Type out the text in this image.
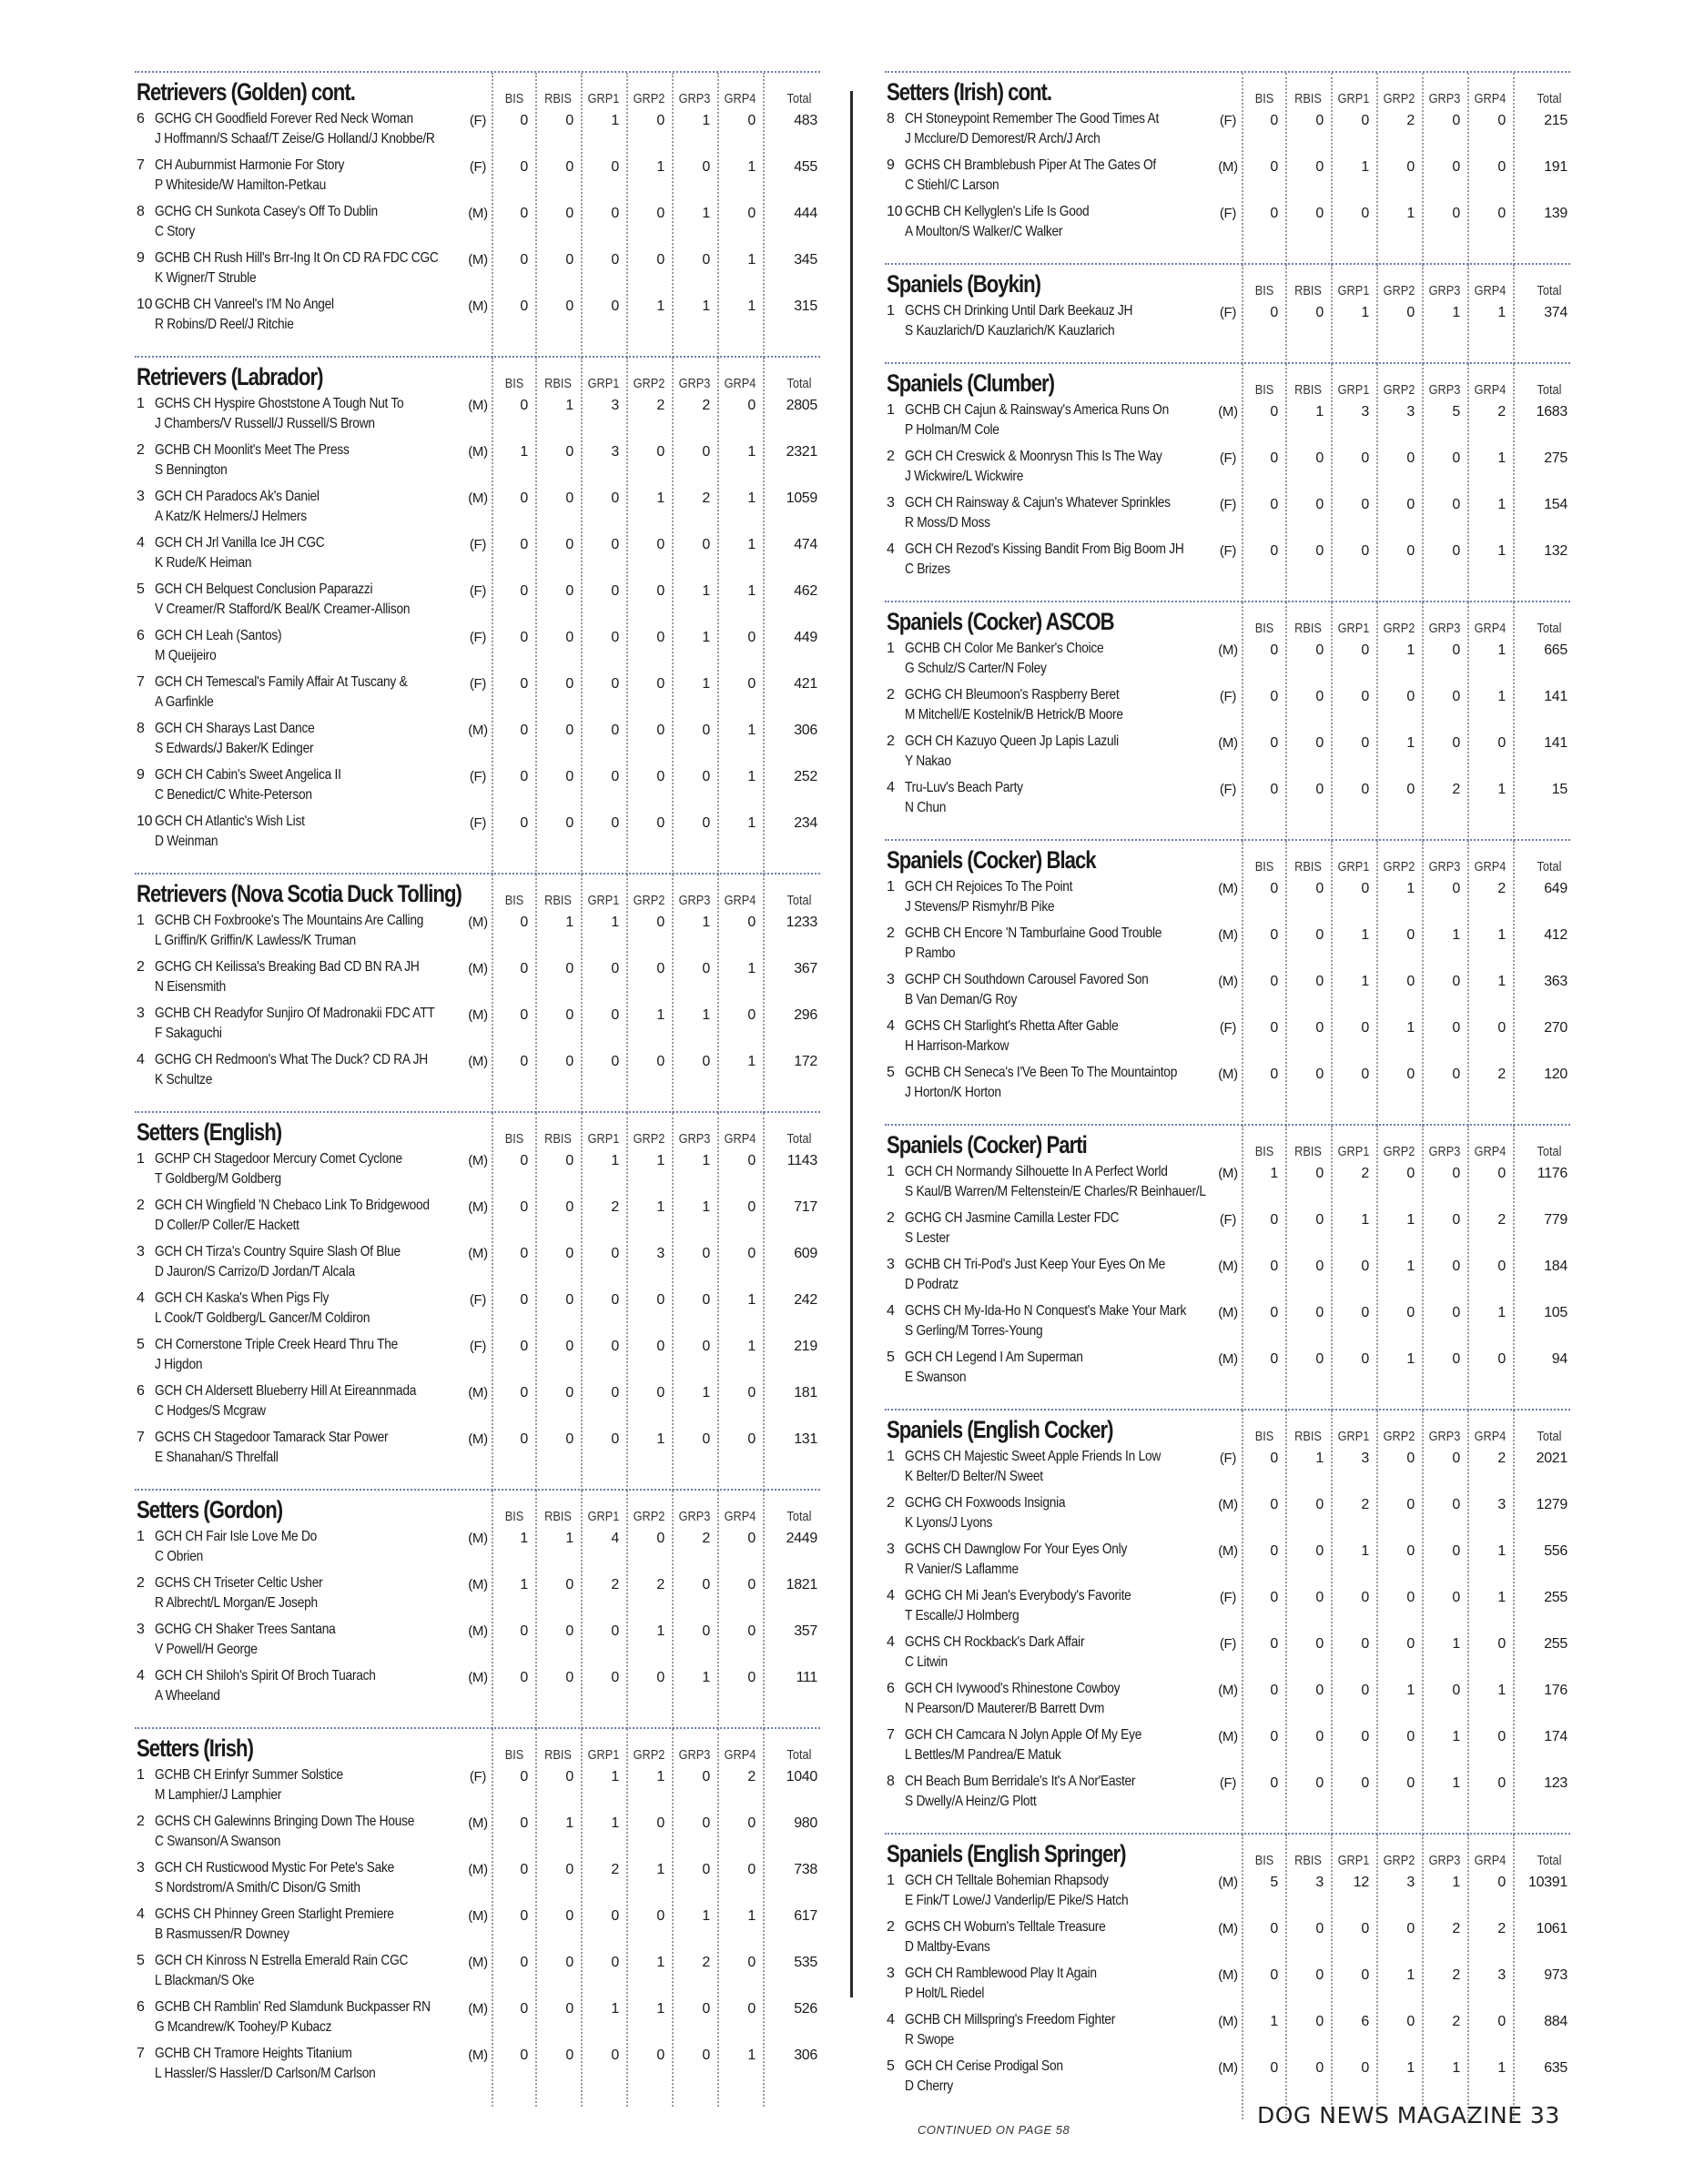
Retrievers (Golden) cont.	BIS	RBIS	GRP1 GRP2 GRP3 GRP4	Total
6 GCHG CH Goodfield Forever Red Neck Woman
J Hoffmann/S Schaaf/T Zeise/G Holland/J Knobbe/R
(F)	0	0	1	0	1	0	483
7 CH Auburnmist Harmonie For Story
P Whiteside/W Hamilton-Petkau
(F)	0	0	0	1	0	1	455
8 GCHG CH Sunkota Casey's Off To Dublin
C Story
(M)	0	0	0	0	1	0	444
9 GCHB CH Rush Hill's Brr-Ing It On CD RA FDC CGC
K Wigner/T Struble
(M)	0	0	0	0	0	1	345
10 GCHB CH Vanreel's I'M No Angel
R Robins/D Reel/J Ritchie
(M)	0	0	0	1	1	1	315
Retrievers (Labrador)	BIS	RBIS	GRP1 GRP2 GRP3 GRP4	Total
1 GCHS CH Hyspire Ghoststone A Tough Nut To
J Chambers/V Russell/J Russell/S Brown
(M)	0	1	3	2	2	0	2805
2 GCHB CH Moonlit's Meet The Press
S Bennington
(M)	1	0	3	0	0	1	2321
3 GCH CH Paradocs Ak's Daniel
A Katz/K Helmers/J Helmers
(M)	0	0	0	1	2	1	1059
4 GCH CH Jrl Vanilla Ice JH CGC
K Rude/K Heiman
(F)	0	0	0	0	0	1	474
5 GCH CH Belquest Conclusion Paparazzi
V Creamer/R Stafford/K Beal/K Creamer-Allison
(F)	0	0	0	0	1	1	462
6 GCH CH Leah (Santos)
M Queijeiro
(F)	0	0	0	0	1	0	449
7 GCH CH Temescal's Family Affair At Tuscany &
A Garfinkle
(F)	0	0	0	0	1	0	421
8 GCH CH Sharays Last Dance
S Edwards/J Baker/K Edinger
(M)	0	0	0	0	0	1	306
9 GCH CH Cabin's Sweet Angelica II
C Benedict/C White-Peterson
(F)	0	0	0	0	0	1	252
10 GCH CH Atlantic's Wish List
D Weinman
(F)	0	0	0	0	0	1	234
Retrievers (Nova Scotia Duck Tolling)	BIS	RBIS	GRP1 GRP2 GRP3 GRP4	Total
1 GCHB CH Foxbrooke's The Mountains Are Calling
L Griffin/K Griffin/K Lawless/K Truman
(M)	0	1	1	0	1	0	1233
2 GCHG CH Keilissa's Breaking Bad CD BN RA JH
N Eisensmith
(M)	0	0	0	0	0	1	367
3 GCHB CH Readyfor Sunjiro Of Madronakii FDC ATT
F Sakaguchi
(M)	0	0	0	1	1	0	296
4 GCHG CH Redmoon's What The Duck? CD RA JH
K Schultze
(M)	0	0	0	0	0	1	172
Setters (English)	BIS	RBIS	GRP1 GRP2 GRP3 GRP4	Total
1 GCHP CH Stagedoor Mercury Comet Cyclone
T Goldberg/M Goldberg
(M)	0	0	1	1	1	0	1143
2 GCH CH Wingfield 'N Chebaco Link To Bridgewood
D Coller/P Coller/E Hackett
(M)	0	0	2	1	1	0	717
3 GCH CH Tirza's Country Squire Slash Of Blue
D Jauron/S Carrizo/D Jordan/T Alcala
(M)	0	0	0	3	0	0	609
4 GCH CH Kaska's When Pigs Fly
L Cook/T Goldberg/L Gancer/M Coldiron
(F)	0	0	0	0	0	1	242
5 CH Cornerstone Triple Creek Heard Thru The
J Higdon
(F)	0	0	0	0	0	1	219
6 GCH CH Aldersett Blueberry Hill At Eireannmada
C Hodges/S Mcgraw
(M)	0	0	0	0	1	0	181
7 GCHS CH Stagedoor Tamarack Star Power
E Shanahan/S Threlfall
(M)	0	0	0	1	0	0	131
Setters (Gordon)	BIS	RBIS	GRP1 GRP2 GRP3 GRP4	Total
1 GCH CH Fair Isle Love Me Do
C Obrien
(M)	1	1	4	0	2	0	2449
2 GCHS CH Triseter Celtic Usher
R Albrecht/L Morgan/E Joseph
(M)	1	0	2	2	0	0	1821
3 GCHG CH Shaker Trees Santana
V Powell/H George
(M)	0	0	0	1	0	0	357
4 GCH CH Shiloh's Spirit Of Broch Tuarach
A Wheeland
(M)	0	0	0	0	1	0	111
Setters (Irish)	BIS	RBIS	GRP1 GRP2 GRP3 GRP4	Total
1 GCHB CH Erinfyr Summer Solstice
M Lamphier/J Lamphier
(F)	0	0	1	1	0	2	1040
2 GCHS CH Galewinns Bringing Down The House
C Swanson/A Swanson
(M)	0	1	1	0	0	0	980
3 GCH CH Rusticwood Mystic For Pete's Sake
S Nordstrom/A Smith/C Dison/G Smith
(M)	0	0	2	1	0	0	738
4 GCHS CH Phinney Green Starlight Premiere
B Rasmussen/R Downey
(M)	0	0	0	0	1	1	617
5 GCH CH Kinross N Estrella Emerald Rain CGC
L Blackman/S Oke
(M)	0	0	0	1	2	0	535
6 GCHB CH Ramblin' Red Slamdunk Buckpasser RN
G Mcandrew/K Toohey/P Kubacz
(M)	0	0	1	1	0	0	526
7 GCHB CH Tramore Heights Titanium
L Hassler/S Hassler/D Carlson/M Carlson
(M)	0	0	0	0	0	1	306
Setters (Irish) cont.	BIS	RBIS	GRP1 GRP2 GRP3 GRP4	Total
8 CH Stoneypoint Remember The Good Times At
J Mcclure/D Demorest/R Arch/J Arch
(F)	0	0	0	2	0	0	215
9 GCHS CH Bramblebush Piper At The Gates Of
C Stiehl/C Larson
(M)	0	0	1	0	0	0	191
10 GCHB CH Kellyglen's Life Is Good
A Moulton/S Walker/C Walker
(F)	0	0	0	1	0	0	139
Spaniels (Boykin)	BIS	RBIS	GRP1 GRP2 GRP3 GRP4	Total
1 GCHS CH Drinking Until Dark Beekauz JH
S Kauzlarich/D Kauzlarich/K Kauzlarich
(F)	0	0	1	0	1	1	374
Spaniels (Clumber)	BIS	RBIS	GRP1 GRP2 GRP3 GRP4	Total
1 GCHB CH Cajun & Rainsway's America Runs On
P Holman/M Cole
(M)	0	1	3	3	5	2	1683
2 GCH CH Creswick & Moonrysn This Is The Way
J Wickwire/L Wickwire
(F)	0	0	0	0	0	1	275
3 GCH CH Rainsway & Cajun's Whatever Sprinkles
R Moss/D Moss
(F)	0	0	0	0	0	1	154
4 GCH CH Rezod's Kissing Bandit From Big Boom JH
C Brizes
(F)	0	0	0	0	0	1	132
Spaniels (Cocker) ASCOB	BIS	RBIS	GRP1 GRP2 GRP3 GRP4	Total
1 GCHB CH Color Me Banker's Choice
G Schulz/S Carter/N Foley
(M)	0	0	0	1	0	1	665
2 GCHG CH Bleumoon's Raspberry Beret
M Mitchell/E Kostelnik/B Hetrick/B Moore
(F)	0	0	0	0	0	1	141
2 GCH CH Kazuyo Queen Jp Lapis Lazuli
Y Nakao
(M)	0	0	0	1	0	0	141
4 Tru-Luv's Beach Party
N Chun
(F)	0	0	0	0	2	1	15
Spaniels (Cocker) Black	BIS	RBIS	GRP1 GRP2 GRP3 GRP4	Total
1 GCH CH Rejoices To The Point
J Stevens/P Rismyhr/B Pike
(M)	0	0	0	1	0	2	649
2 GCHB CH Encore 'N Tamburlaine Good Trouble
P Rambo
(M)	0	0	1	0	1	1	412
3 GCHP CH Southdown Carousel Favored Son
B Van Deman/G Roy
(M)	0	0	1	0	0	1	363
4 GCHS CH Starlight's Rhetta After Gable
H Harrison-Markow
(F)	0	0	0	1	0	0	270
5 GCHB CH Seneca's I'Ve Been To The Mountaintop
J Horton/K Horton
(M)	0	0	0	0	0	2	120
Spaniels (Cocker) Parti	BIS	RBIS	GRP1 GRP2 GRP3 GRP4	Total
1 GCH CH Normandy Silhouette In A Perfect World
S Kaul/B Warren/M Feltenstein/E Charles/R Beinhauer/L
(M)	1	0	2	0	0	0	1176
2 GCHG CH Jasmine Camilla Lester FDC
S Lester
(F)	0	0	1	1	0	2	779
3 GCHB CH Tri-Pod's Just Keep Your Eyes On Me
D Podratz
(M)	0	0	0	1	0	0	184
4 GCHS CH My-Ida-Ho N Conquest's Make Your Mark
S Gerling/M Torres-Young
(M)	0	0	0	0	0	1	105
5 GCH CH Legend I Am Superman
E Swanson
(M)	0	0	0	1	0	0	94
Spaniels (English Cocker)	BIS	RBIS	GRP1 GRP2 GRP3 GRP4	Total
1 GCHS CH Majestic Sweet Apple Friends In Low
K Belter/D Belter/N Sweet
(F)	0	1	3	0	0	2	2021
2 GCHG CH Foxwoods Insignia
K Lyons/J Lyons
(M)	0	0	2	0	0	3	1279
3 GCHS CH Dawnglow For Your Eyes Only
R Vanier/S Laflamme
(M)	0	0	1	0	0	1	556
4 GCHG CH Mi Jean's Everybody's Favorite
T Escalle/J Holmberg
(F)	0	0	0	0	0	1	255
4 GCHS CH Rockback's Dark Affair
C Litwin
(F)	0	0	0	0	1	0	255
6 GCH CH Ivywood's Rhinestone Cowboy
N Pearson/D Mauterer/B Barrett Dvm
(M)	0	0	0	1	0	1	176
7 GCH CH Camcara N Jolyn Apple Of My Eye
L Bettles/M Pandrea/E Matuk
(M)	0	0	0	0	1	0	174
8 CH Beach Bum Berridale's It's A Nor'Easter
S Dwelly/A Heinz/G Plott
(F)	0	0	0	0	1	0	123
Spaniels (English Springer)	BIS	RBIS	GRP1 GRP2 GRP3 GRP4	Total
1 GCH CH Telltale Bohemian Rhapsody
E Fink/T Lowe/J Vanderlip/E Pike/S Hatch
(M)	5	3	12	3	1	0	10391
2 GCHS CH Woburn's Telltale Treasure
D Maltby-Evans
(M)	0	0	0	0	2	2	1061
3 GCH CH Ramblewood Play It Again
P Holt/L Riedel
(M)	0	0	0	1	2	3	973
4 GCHB CH Millspring's Freedom Fighter
R Swope
(M)	1	0	6	0	2	0	884
5 GCH CH Cerise Prodigal Son
D Cherry
(M)	0	0	0	1	1	1	635
CONTINUED ON PAGE 58
DOG NEWS MAGAZINE 33
